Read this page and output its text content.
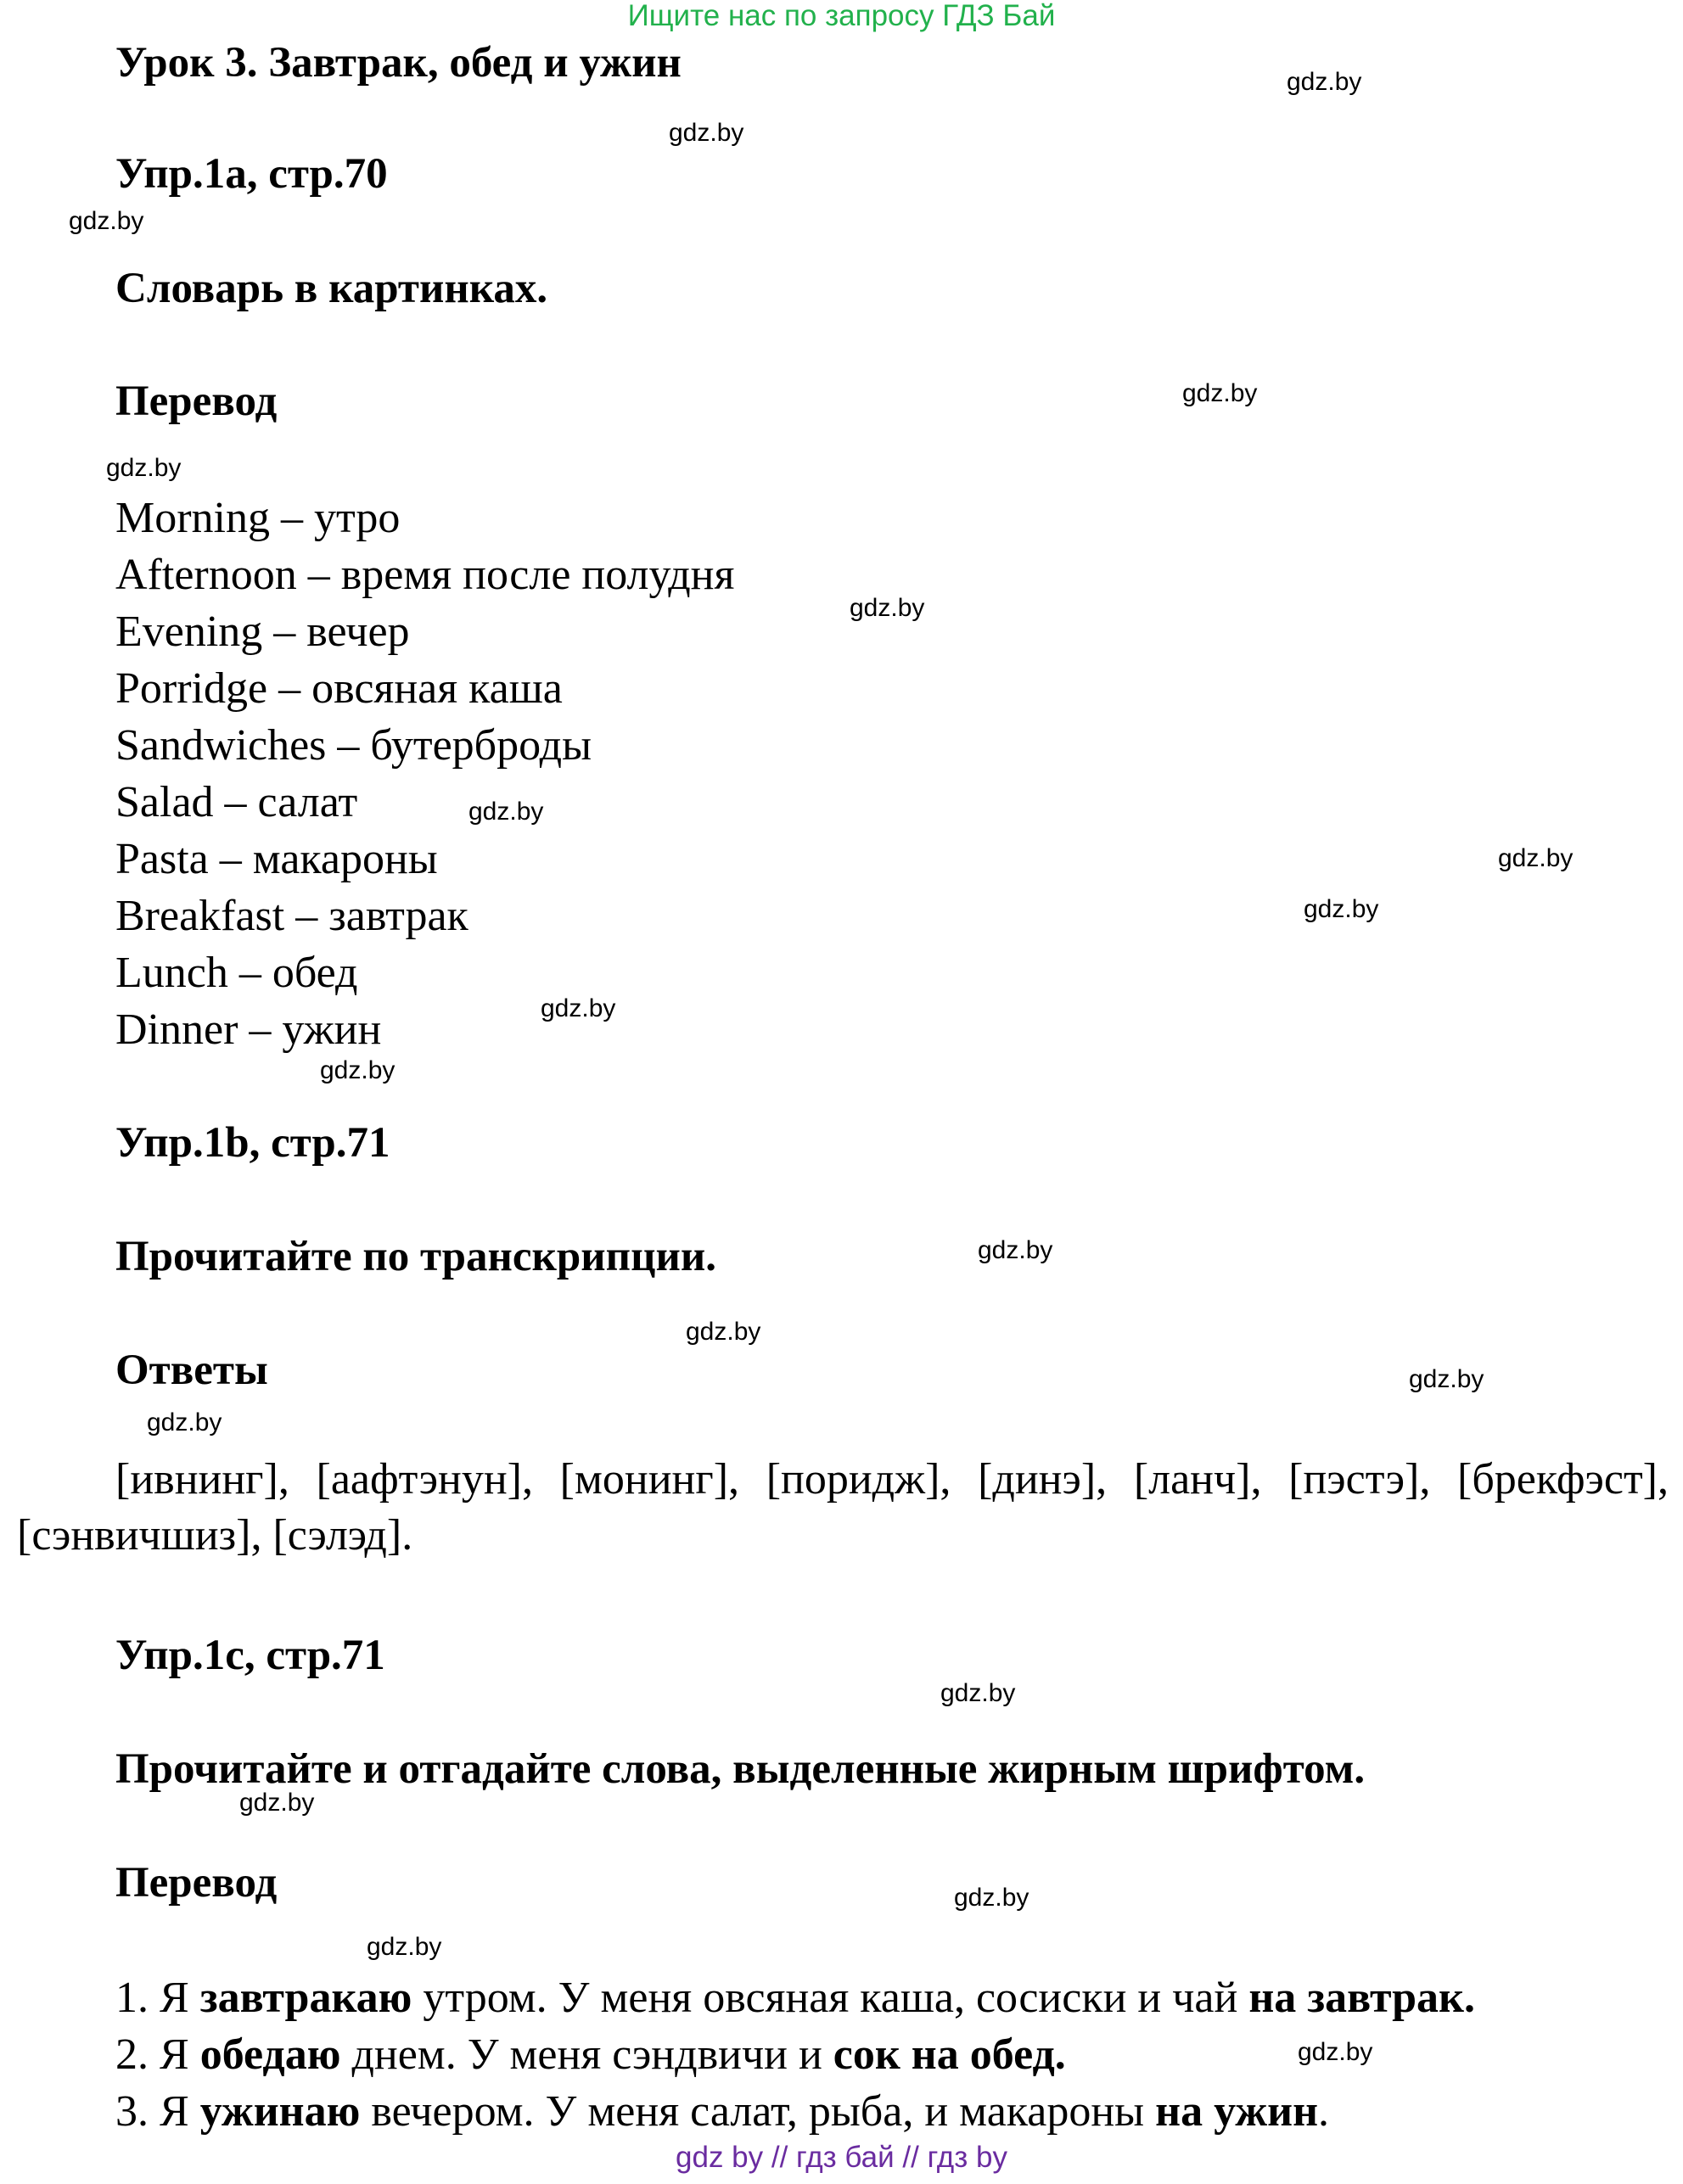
Ищите нас по запросу ГДЗ Бай
Урок 3. Завтрак, обед и ужин
Упр.1a, стр.70
Словарь в картинках.
Перевод
Morning – утро
Afternoon – время после полудня
Evening – вечер
Porridge – овсяная каша
Sandwiches – бутерброды
Salad – салат
Pasta – макароны
Breakfast – завтрак
Lunch – обед
Dinner – ужин
Упр.1b, стр.71
Прочитайте по транскрипции.
Ответы
[ивнинг], [аафтэнун], [монинг], [поридж], [динэ], [ланч], [пэстэ], [брекфэст], [сэнвичшиз], [сэлэд].
Упр.1c, стр.71
Прочитайте и отгадайте слова, выделенные жирным шрифтом.
Перевод
1. Я завтракаю утром. У меня овсяная каша, сосиски и чай на завтрак.
2. Я обедаю днем. У меня сэндвичи и сок на обед.
3. Я ужинаю вечером. У меня салат, рыба, и макароны на ужин.
gdz.by
gdz.by
gdz.by
gdz.by
gdz.by
gdz.by
gdz.by
gdz.by
gdz.by
gdz.by
gdz.by
gdz.by
gdz.by
gdz.by
gdz.by
gdz.by
gdz.by
gdz.by
gdz.by
gdz.by
gdz by // гдз бай // гдз by
